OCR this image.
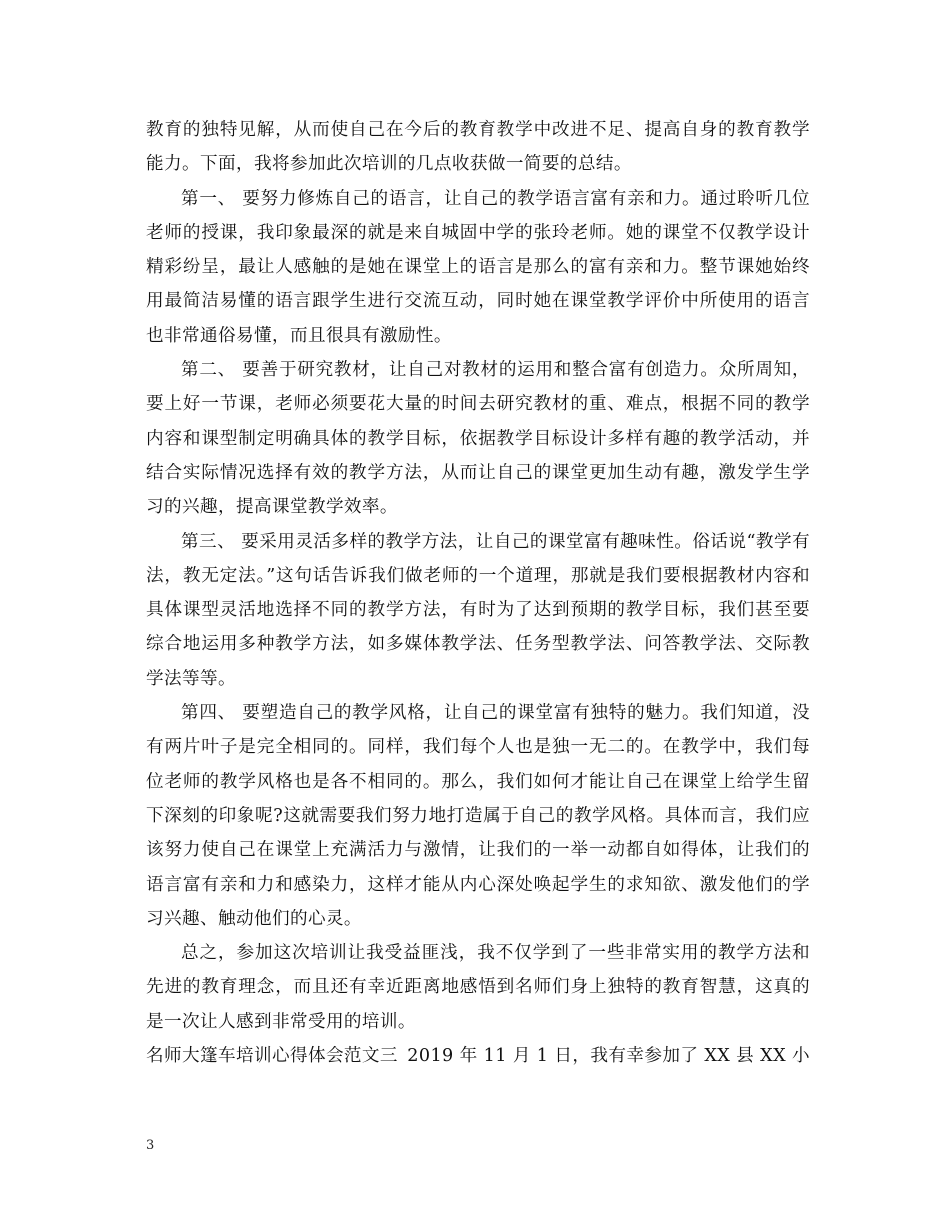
教育的独特见解，从而使自己在今后的教育教学中改进不足、提高自身的教育教学能力。下面，我将参加此次培训的几点收获做一简要的总结。

第一、 要努力修炼自己的语言，让自己的教学语言富有亲和力。通过聆听几位老师的授课，我印象最深的就是来自城固中学的张玲老师。她的课堂不仅教学设计精彩纷呈，最让人感触的是她在课堂上的语言是那么的富有亲和力。整节课她始终用最简洁易懂的语言跟学生进行交流互动，同时她在课堂教学评价中所使用的语言也非常通俗易懂，而且很具有激励性。

第二、 要善于研究教材，让自己对教材的运用和整合富有创造力。众所周知，要上好一节课，老师必须要花大量的时间去研究教材的重、难点，根据不同的教学内容和课型制定明确具体的教学目标，依据教学目标设计多样有趣的教学活动，并结合实际情况选择有效的教学方法，从而让自己的课堂更加生动有趣，激发学生学习的兴趣，提高课堂教学效率。

第三、 要采用灵活多样的教学方法，让自己的课堂富有趣味性。俗话说“教学有法，教无定法。”这句话告诉我们做老师的一个道理，那就是我们要根据教材内容和具体课型灵活地选择不同的教学方法，有时为了达到预期的教学目标，我们甚至要综合地运用多种教学方法，如多媒体教学法、任务型教学法、问答教学法、交际教学法等等。

第四、 要塑造自己的教学风格，让自己的课堂富有独特的魅力。我们知道，没有两片叶子是完全相同的。同样，我们每个人也是独一无二的。在教学中，我们每位老师的教学风格也是各不相同的。那么，我们如何才能让自己在课堂上给学生留下深刻的印象呢?这就需要我们努力地打造属于自己的教学风格。具体而言，我们应该努力使自己在课堂上充满活力与激情，让我们的一举一动都自如得体，让我们的语言富有亲和力和感染力，这样才能从内心深处唤起学生的求知欲、激发他们的学习兴趣、触动他们的心灵。

总之，参加这次培训让我受益匪浅，我不仅学到了一些非常实用的教学方法和先进的教育理念，而且还有幸近距离地感悟到名师们身上独特的教育智慧，这真的是一次让人感到非常受用的培训。

名师大篷车培训心得体会范文三 2019 年 11 月 1 日，我有幸参加了 XX 县 XX 小
3
